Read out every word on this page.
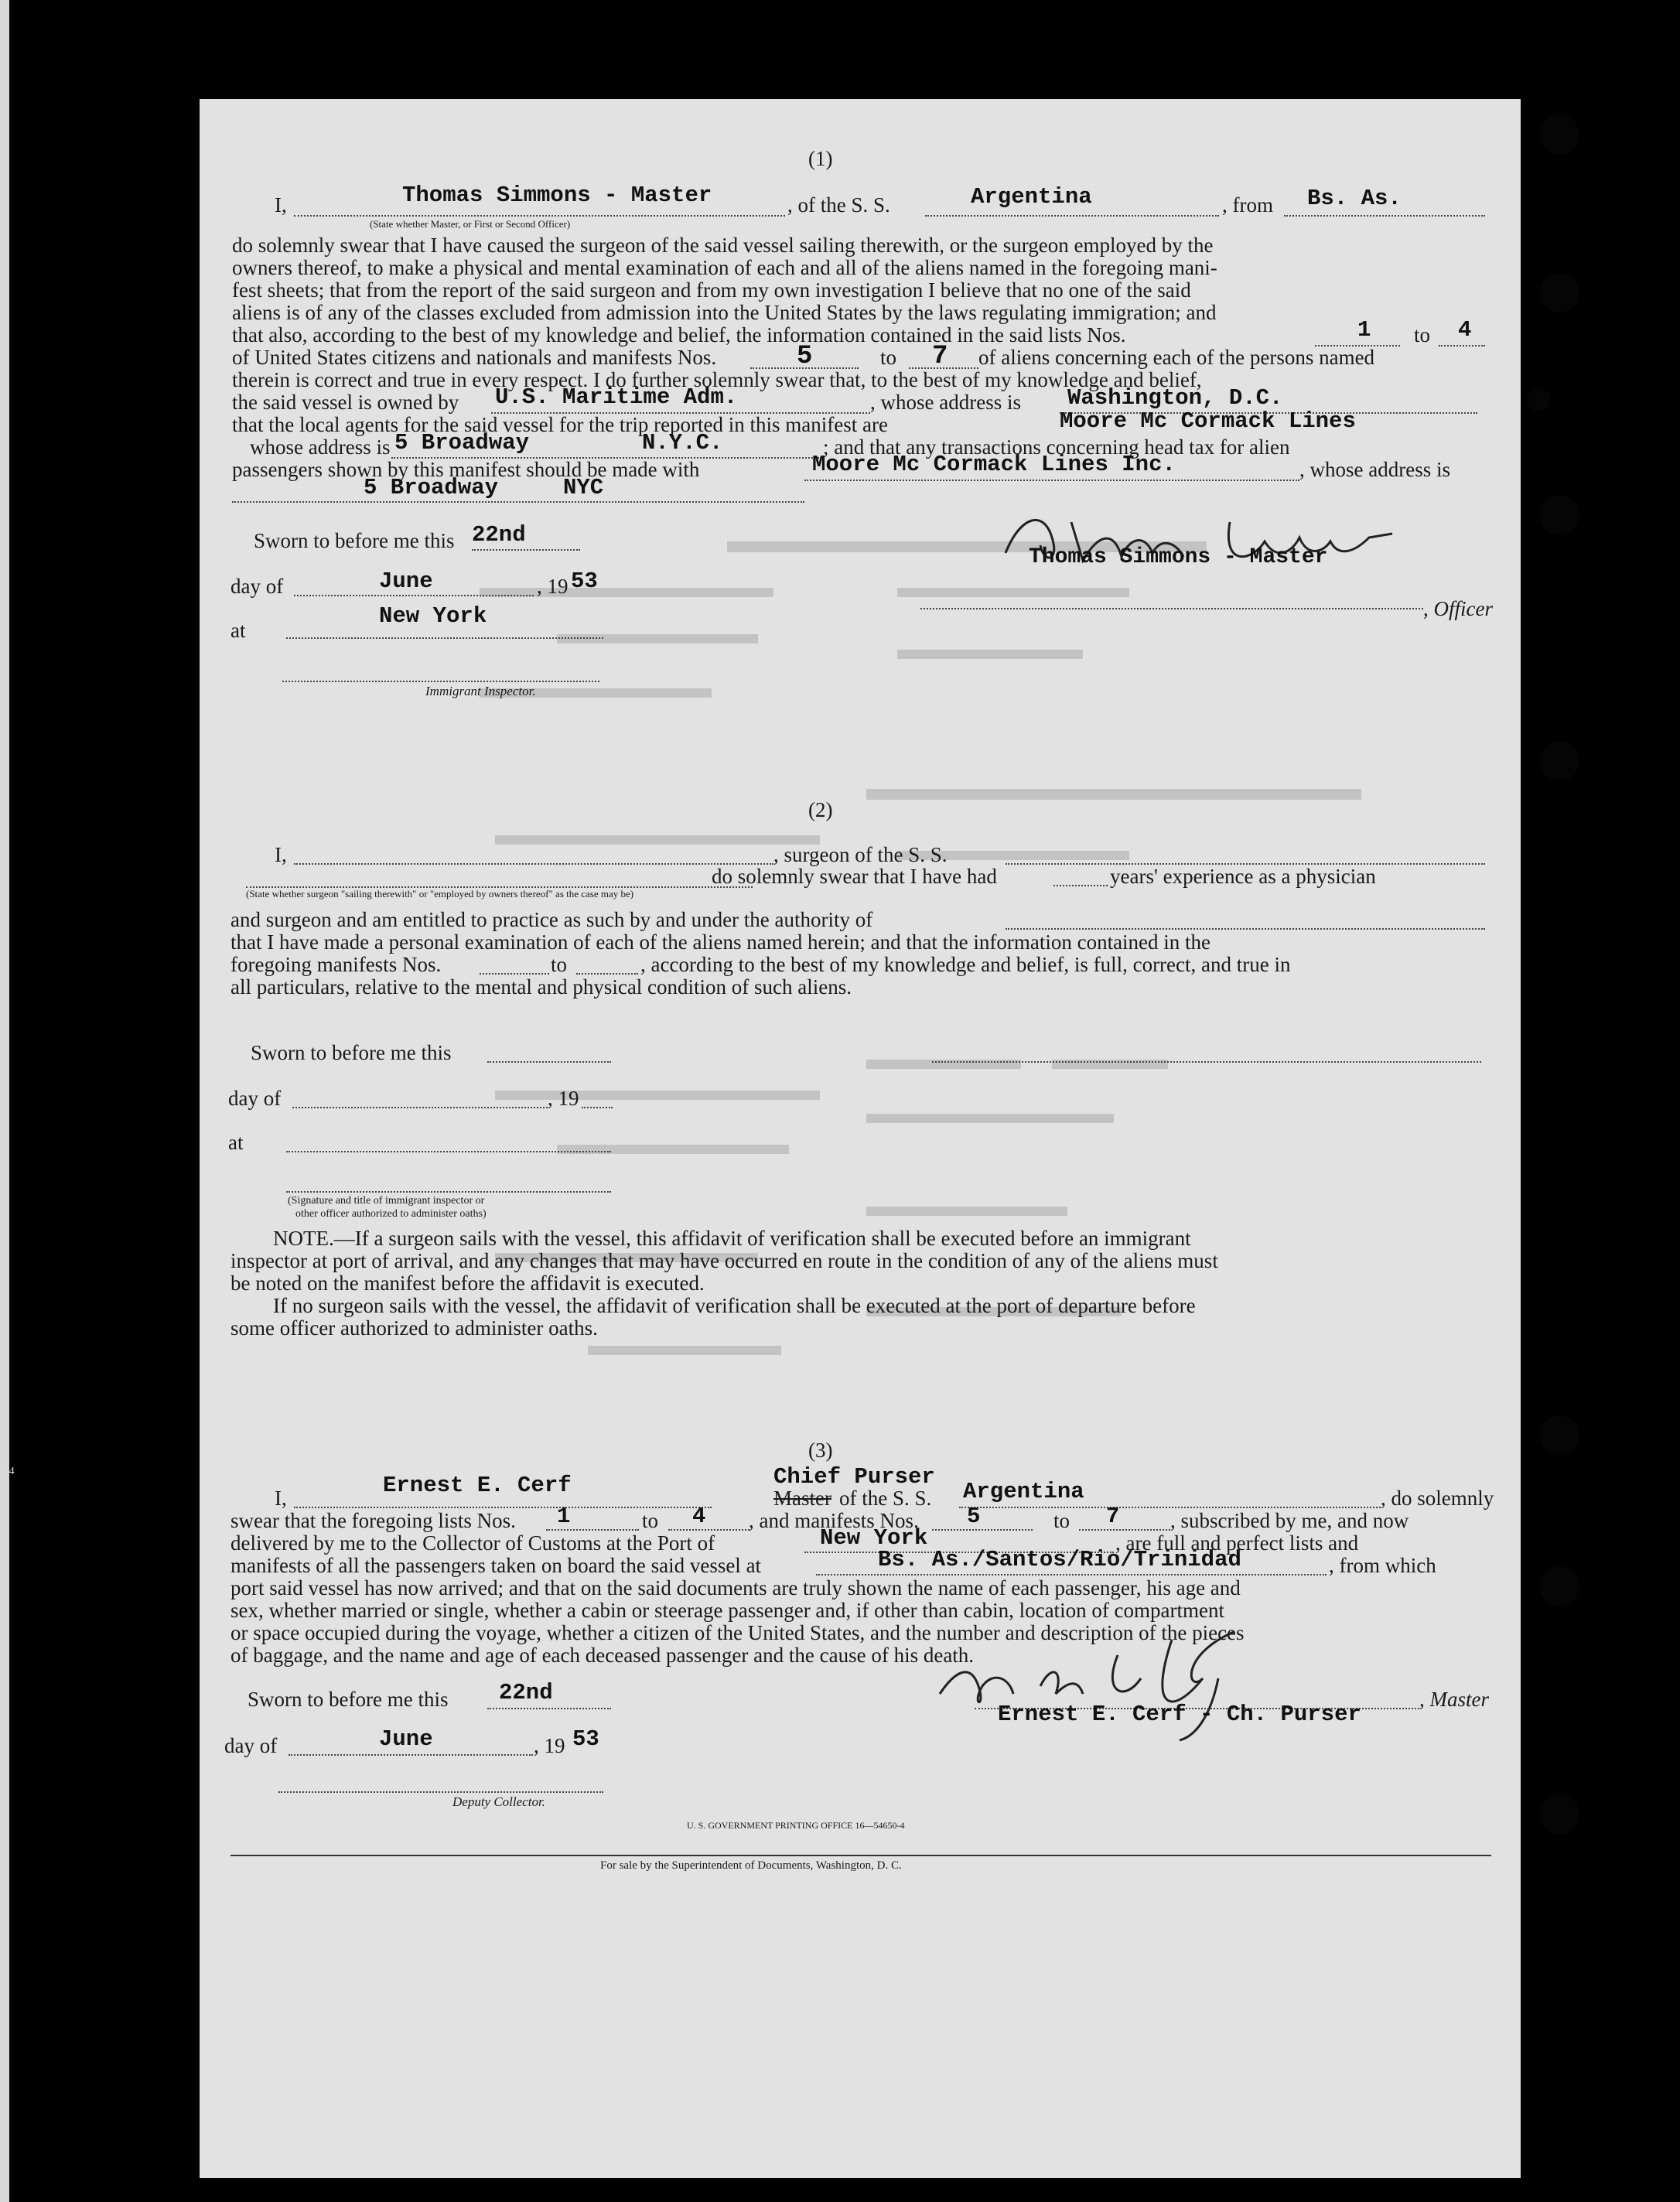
0-4
(1)
I,	Thomas Simmons - Master
(State whether Master, or First or Second Officer)
, of the S. S.	Argentina	, from Bs. As.
do solemnly swear that I have caused the surgeon of the said vessel sailing therewith, or the surgeon employed by the
owners thereof, to make a physical and mental examination of each and all of the aliens named in the foregoing mani-
fest sheets; that from the report of the said surgeon and from my own investigation I believe that no one of the said
aliens is of any of the classes excluded from admission into the United States by the laws regulating immigration; and
that also, according to the best of my knowledge and belief, the information contained in the said lists Nos.	1 to 4
of United States citizens and nationals and manifests Nos.	5	to 7 of aliens concerning each of the persons named
therein is correct and true in every respect. I do further solemnly swear that, to the best of my knowledge and belief,
the said vessel is owned by U.S. Maritime Adm.	, whose address is Washington, D.C.
that the local agents for the said vessel for the trip reported in this manifest are	Moore Mc Cormack Lines
whose address is 5 Broadway	N.Y.C.	; and that any transactions concerning head tax for alien
passengers shown by this manifest should be made with	Moore Mc Cormack Lines Inc.	, whose address is
5 Broadway	NYC
Sworn to before me this 22nd
Thomas Simmons - Master
day of	June	, 19 53
, Officer
at
New York
Immigrant Inspector.
(2)
I,	, surgeon of the S. S.
do solemnly swear that I have had	years' experience as a physician
(State whether surgeon "sailing therewith" or "employed by owners thereof" as the case may be)
and surgeon and am entitled to practice as such by and under the authority of
that I have made a personal examination of each of the aliens named herein; and that the information contained in the
foregoing manifests Nos.	to	, according to the best of my knowledge and belief, is full, correct, and true in
all particulars, relative to the mental and physical condition of such aliens.
Sworn to before me this
day of	, 19
at
(Signature and title of immigrant inspector or
other officer authorized to administer oaths)
NOTE.—If a surgeon sails with the vessel, this affidavit of verification shall be executed before an immigrant
inspector at port of arrival, and any changes that may have occurred en route in the condition of any of the aliens must
be noted on the manifest before the affidavit is executed.
If no surgeon sails with the vessel, the affidavit of verification shall be executed at the port of departure before
some officer authorized to administer oaths.
(3)
Chief Purser
I,	Ernest E. Cerf	Master of the S. S. Argentina	, do solemnly
swear that the foregoing lists Nos. 1	to 4 , and manifests Nos. 5	to 7 , subscribed by me, and now
delivered by me to the Collector of Customs at the Port of	New York	, are full and perfect lists and
manifests of all the passengers taken on board the said vessel at	Bs. As./Santos/Rio/Trinidad	, from which
port said vessel has now arrived; and that on the said documents are truly shown the name of each passenger, his age and
sex, whether married or single, whether a cabin or steerage passenger and, if other than cabin, location of compartment
or space occupied during the voyage, whether a citizen of the United States, and the number and description of the pieces
of baggage, and the name and age of each deceased passenger and the cause of his death.
Sworn to before me this 22nd	, Master
Ernest E. Cerf - Ch. Purser
day of	June	, 19 53
Deputy Collector.
U. S. GOVERNMENT PRINTING OFFICE 16—54650-4
For sale by the Superintendent of Documents, Washington, D. C.
